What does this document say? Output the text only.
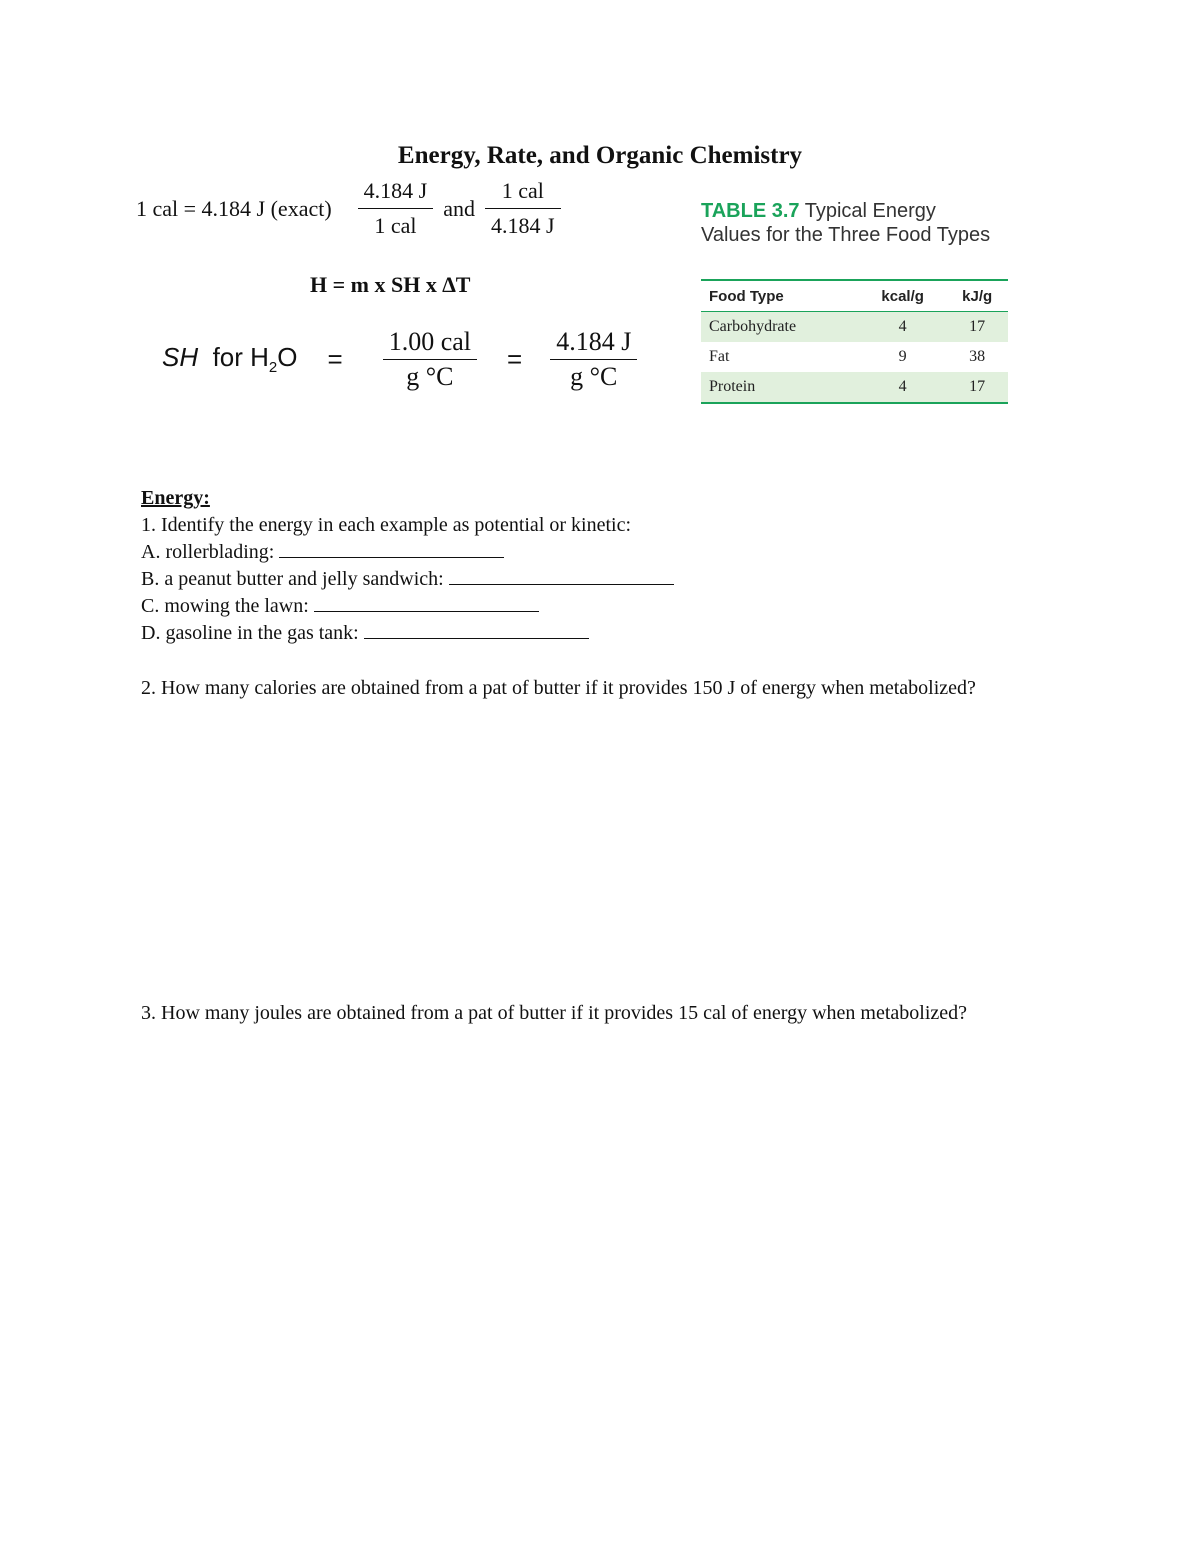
Energy, Rate, and Organic Chemistry
1 cal = 4.184 J (exact) $\frac{4.184 J}{\text{1 cal}}$ and $\frac{\text{1 cal}}{4.184 J}$
H = m x SH x ∆T
SH for $H_2O = \frac{\text{1.00 cal}}{g ^\circ C} = \frac{4.184 J}{g ^\circ C}$
TABLE 3.7 Typical Energy Values for the Three Food Types
Food Type	kcal/g	kJ/g
Carbohydrate	4	17
Fat	9	38
Protein	4	17

Energy:

1. Identify the energy in each example as potential or kinetic:

A. rollerblading:

B. a peanut butter and jelly sandwich:

C. mowing the lawn:

D. gasoline in the gas tank:

2. How many calories are obtained from a pat of butter if it provides 150 J of energy when metabolized?
3. How many joules are obtained from a pat of butter if it provides 15 cal of energy when metabolized?
